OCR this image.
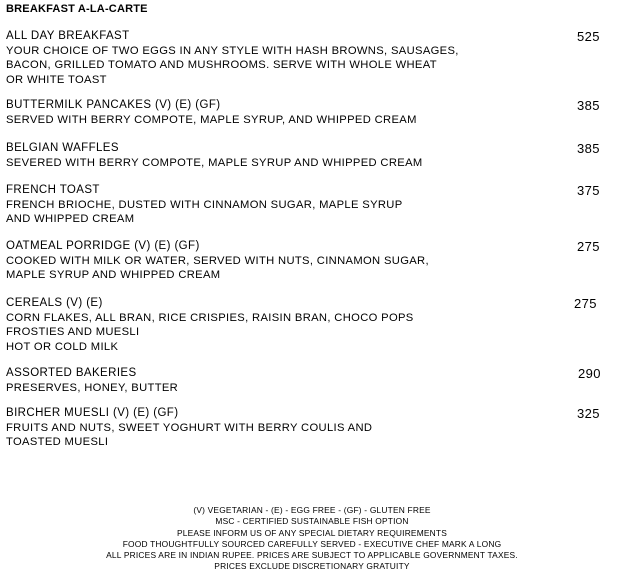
BREAKFAST A-LA-CARTE
ALL DAY BREAKFAST	525
YOUR CHOICE OF TWO EGGS IN ANY STYLE WITH HASH BROWNS, SAUSAGES,
BACON, GRILLED TOMATO AND MUSHROOMS. SERVE WITH WHOLE WHEAT
OR WHITE TOAST
BUTTERMILK PANCAKES (V) (E) (GF)	385
SERVED WITH BERRY COMPOTE, MAPLE SYRUP, AND WHIPPED CREAM
BELGIAN WAFFLES	385
SEVERED WITH BERRY COMPOTE, MAPLE SYRUP AND WHIPPED CREAM
FRENCH TOAST	375
FRENCH BRIOCHE, DUSTED WITH CINNAMON SUGAR, MAPLE SYRUP
AND WHIPPED CREAM
OATMEAL PORRIDGE (V) (E) (GF)	275
COOKED WITH MILK OR WATER, SERVED WITH NUTS, CINNAMON SUGAR,
MAPLE SYRUP AND WHIPPED CREAM
CEREALS (V) (E)	275
CORN FLAKES, ALL BRAN, RICE CRISPIES, RAISIN BRAN, CHOCO POPS
FROSTIES AND MUESLI
HOT OR COLD MILK
ASSORTED BAKERIES	290
PRESERVES, HONEY, BUTTER
BIRCHER MUESLI (V) (E) (GF)	325
FRUITS AND NUTS, SWEET YOGHURT WITH BERRY COULIS AND
TOASTED MUESLI
(V) VEGETARIAN - (E) - EGG FREE - (GF) - GLUTEN FREE
MSC - CERTIFIED SUSTAINABLE FISH OPTION
PLEASE INFORM US OF ANY SPECIAL DIETARY REQUIREMENTS
FOOD THOUGHTFULLY SOURCED CAREFULLY SERVED - EXECUTIVE CHEF MARK A LONG
ALL PRICES ARE IN INDIAN RUPEE. PRICES ARE SUBJECT TO APPLICABLE GOVERNMENT TAXES.
PRICES EXCLUDE DISCRETIONARY GRATUITY
